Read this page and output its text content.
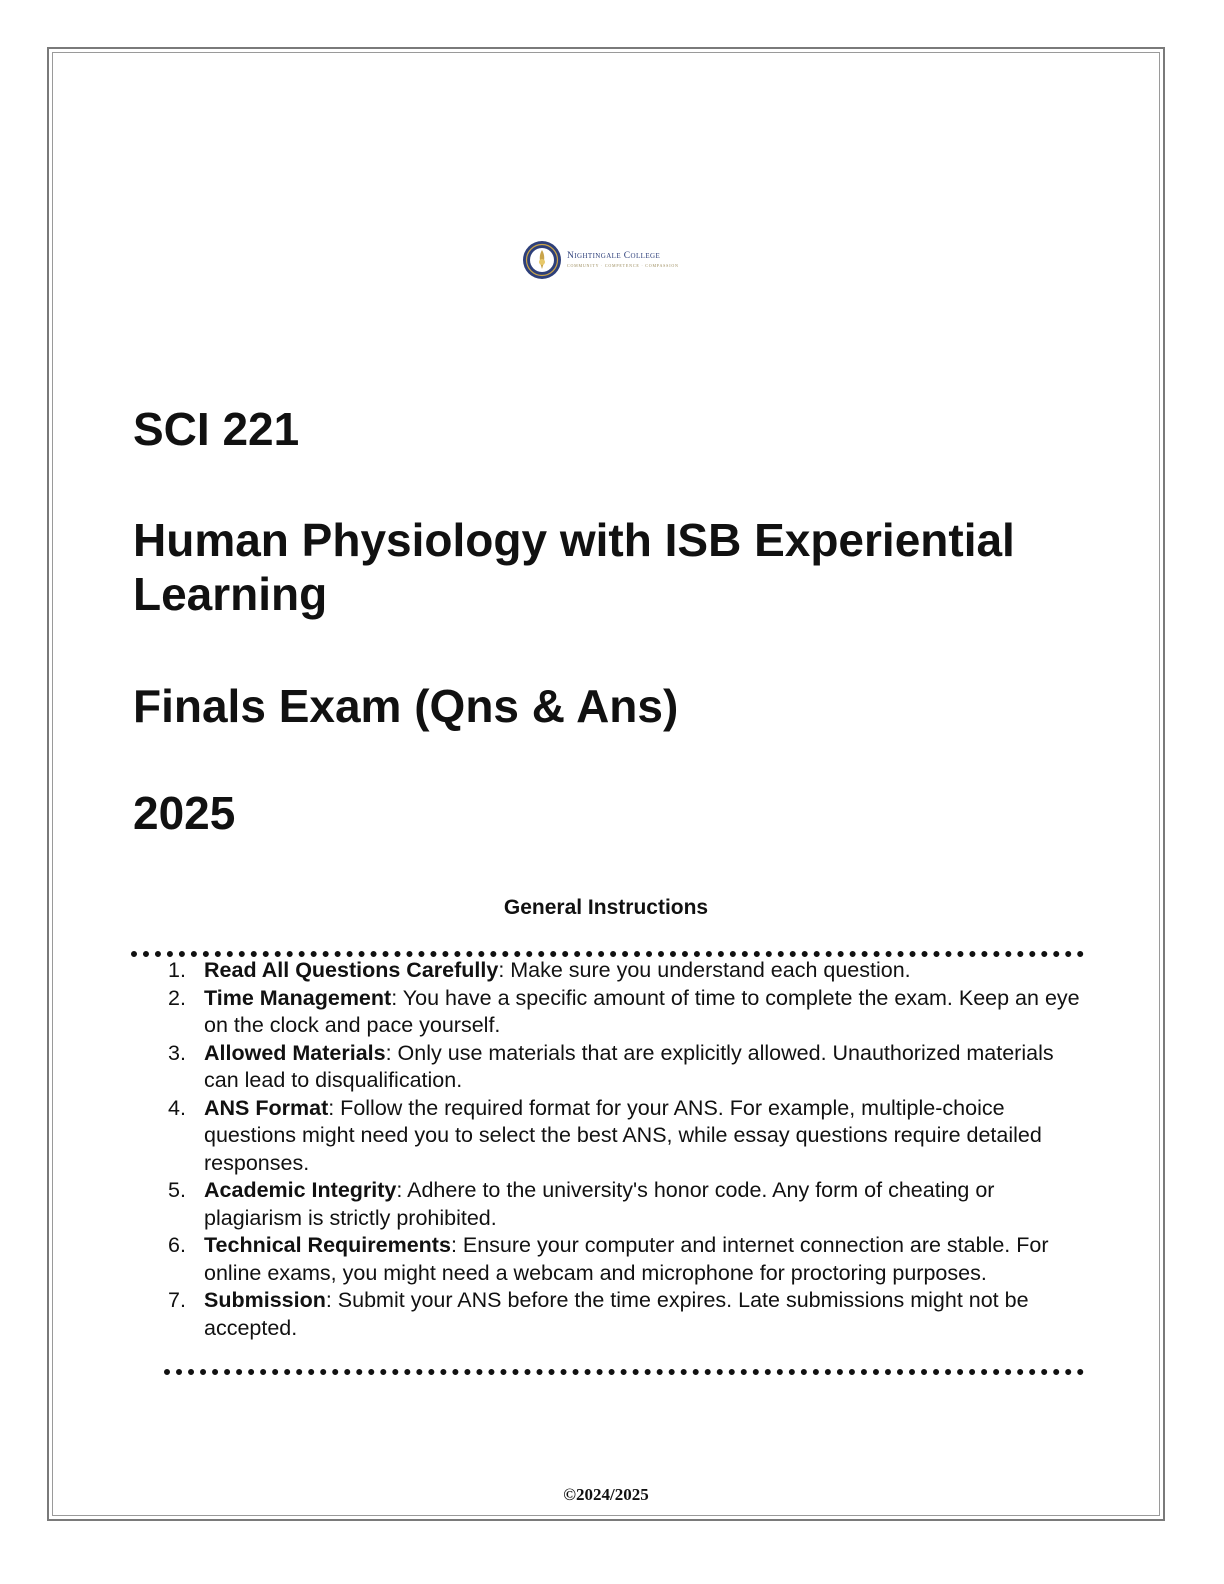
Nightingale College
COMMUNITY · COMPETENCE · COMPASSION
SCI 221
Human Physiology with ISB Experiential Learning
Finals Exam (Qns & Ans)
2025
General Instructions
1. Read All Questions Carefully: Make sure you understand each question.
2. Time Management: You have a specific amount of time to complete the exam. Keep an eye on the clock and pace yourself.
3. Allowed Materials: Only use materials that are explicitly allowed. Unauthorized materials can lead to disqualification.
4. ANS Format: Follow the required format for your ANS. For example, multiple-choice questions might need you to select the best ANS, while essay questions require detailed responses.
5. Academic Integrity: Adhere to the university's honor code. Any form of cheating or plagiarism is strictly prohibited.
6. Technical Requirements: Ensure your computer and internet connection are stable. For online exams, you might need a webcam and microphone for proctoring purposes.
7. Submission: Submit your ANS before the time expires. Late submissions might not be accepted.
©2024/2025
